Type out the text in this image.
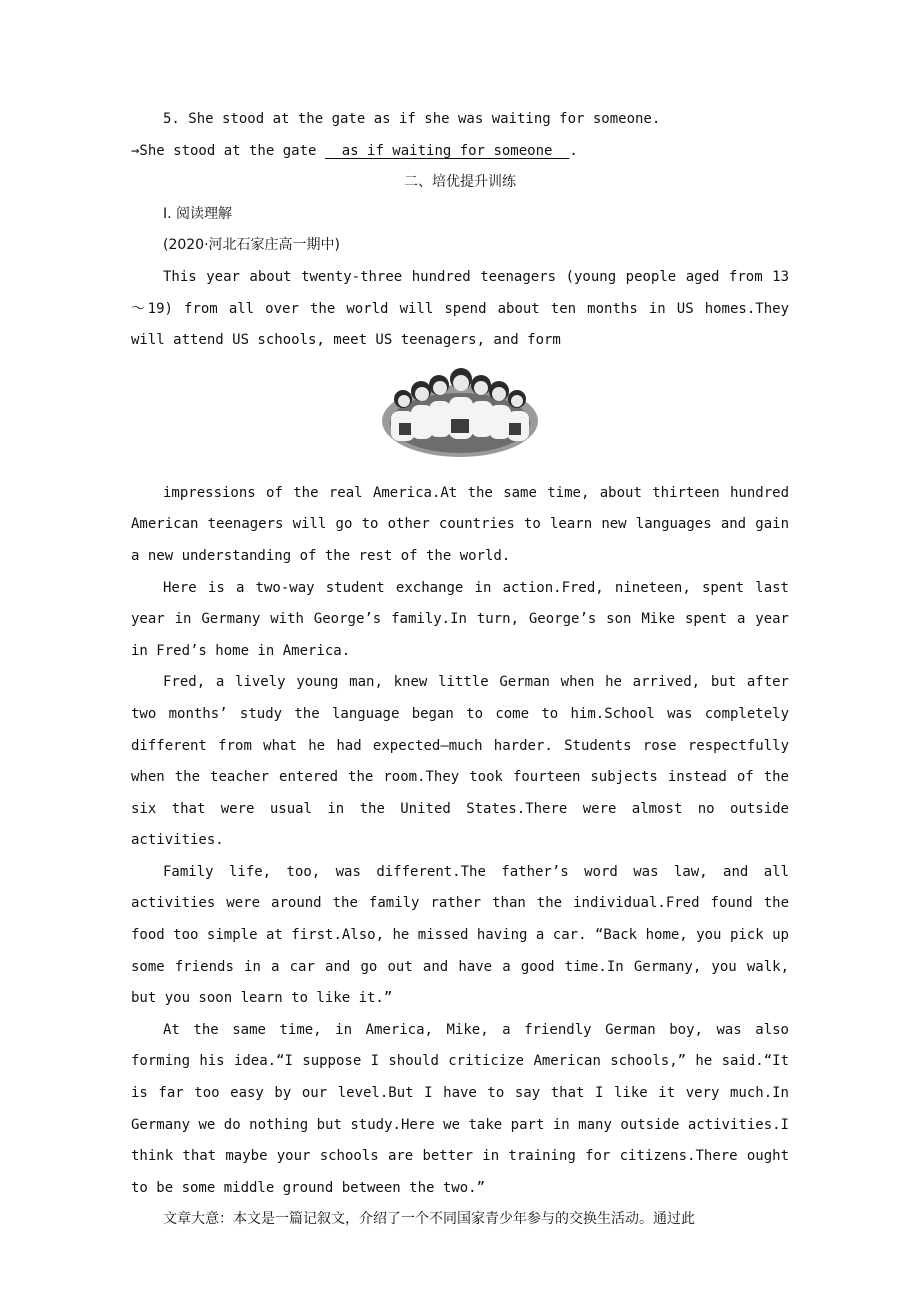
5. She stood at the gate as if she was waiting for someone.

→She stood at the gate   as if waiting for someone  .

二、培优提升训练

Ⅰ. 阅读理解

(2020·河北石家庄高一期中)

This year about twenty-three hundred teenagers (young people aged from 13～19) from all over the world will spend about ten months in US homes.They will attend US schools, meet US teenagers, and form

impressions of the real America.At the same time, about thirteen hundred American teenagers will go to other countries to learn new languages and gain a new understanding of the rest of the world.

Here is a two-way student exchange in action.Fred, nineteen, spent last year in Germany with George’s family.In turn, George’s son Mike spent a year in Fred’s home in America.

Fred, a lively young man, knew little German when he arrived, but after two months’ study the language began to come to him.School was completely different from what he had expected—much harder. Students rose respectfully when the teacher entered the room.They took fourteen subjects instead of the six that were usual in the United States.There were almost no outside activities.

Family life, too, was different.The father’s word was law, and all activities were around the family rather than the individual.Fred found the food too simple at first.Also, he missed having a car. “Back home, you pick up some friends in a car and go out and have a good time.In Germany, you walk, but you soon learn to like it.”

At the same time, in America, Mike, a friendly German boy, was also forming his idea.“I suppose I should criticize American schools,” he said.“It is far too easy by our level.But I have to say that I like it very much.In Germany we do nothing but study.Here we take part in many outside activities.I think that maybe your schools are better in training for citizens.There ought to be some middle ground between the two.”

文章大意：本文是一篇记叙文，介绍了一个不同国家青少年参与的交换生活动。通过此
